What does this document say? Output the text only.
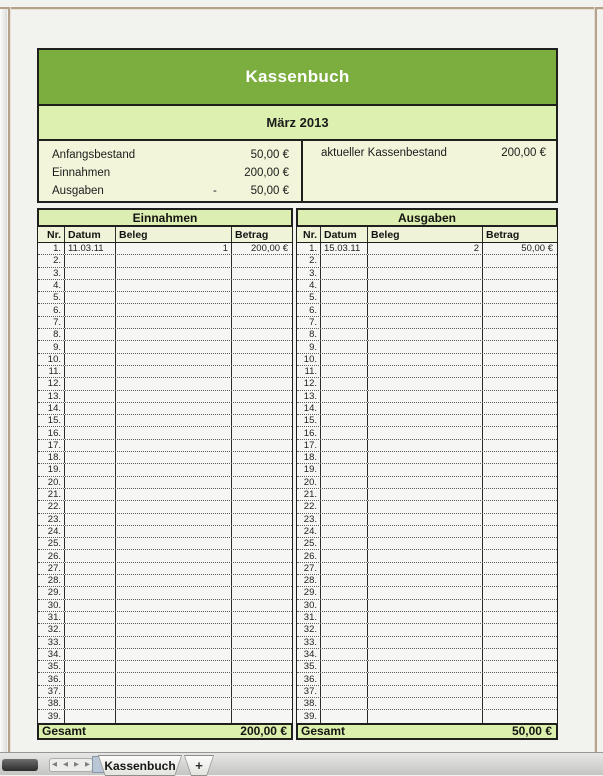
Kassenbuch
März 2013
Anfangsbestand	50,00 €
Einnahmen	200,00 €
Ausgaben	-	50,00 €
aktueller Kassenbestand	200,00 €
Einnahmen
Nr. Datum	Beleg	Betrag
1. 11.03.11	1	200,00 €
2.
3.
4.
5.
6.
7.
8.
9.
10.
11.
12.
13.
14.
15.
16.
17.
18.
19.
20.
21.
22.
23.
24.
25.
26.
27.
28.
29.
30.
31.
32.
33.
34.
35.
36.
37.
38.
39.
Gesamt	200,00 €
Ausgaben
Nr. Datum	Beleg	Betrag
1. 15.03.11	2	50,00 €
2.
3.
4.
5.
6.
7.
8.
9.
10.
11.
12.
13.
14.
15.
16.
17.
18.
19.
20.
21.
22.
23.
24.
25.
26.
27.
28.
29.
30.
31.
32.
33.
34.
35.
36.
37.
38.
39.
Gesamt	50,00 €
◀ ◀ ▶ ▶	Kassenbuch	+
